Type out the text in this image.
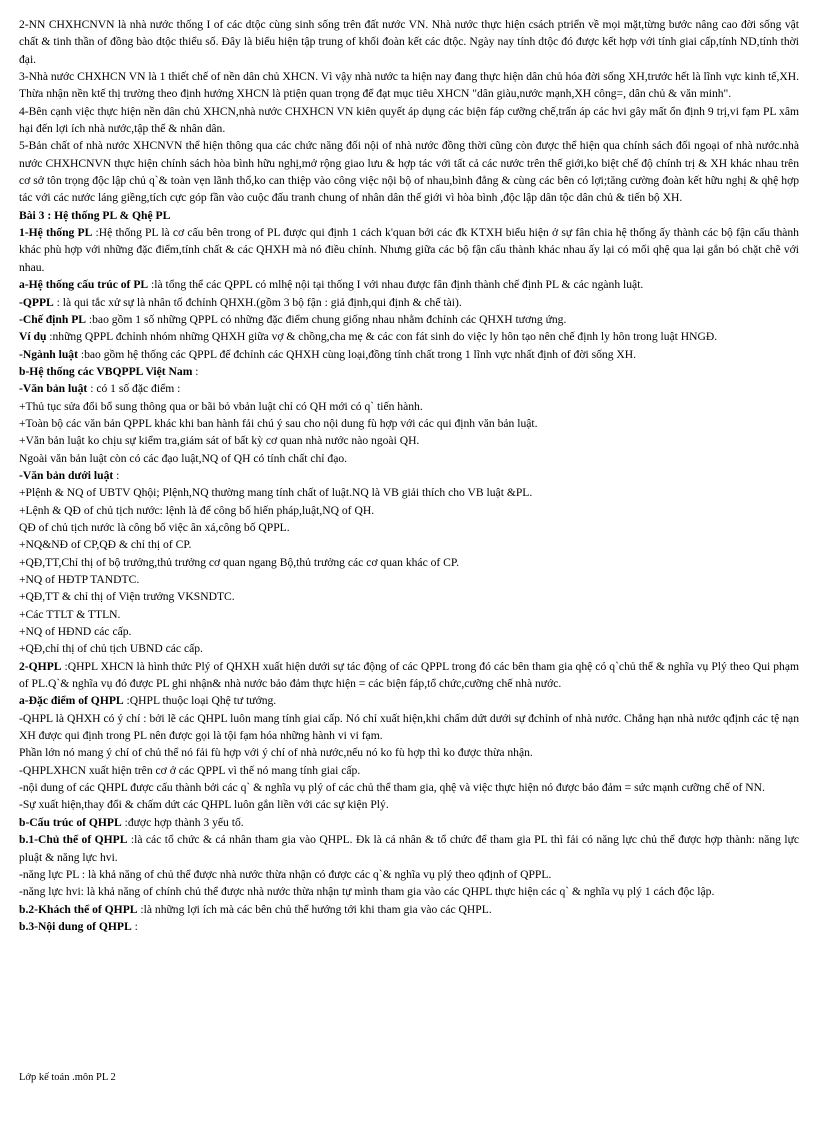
2-NN CHXHCNVN là nhà nước thống I of các dtộc cùng sinh sống trên đất nước VN. Nhà nước thực hiện csách ptriển về mọi mặt,từng bước nâng cao đời sống vật chất & tinh thần of đồng bào dtộc thiểu số. Đây là biểu hiện tập trung of khối đoàn kết các dtộc. Ngày nay tính dtộc đó được kết hợp với tính giai cấp,tính ND,tính thời đại.

3-Nhà nước CHXHCN VN là 1 thiết chế of nền dân chủ XHCN. Vì vậy nhà nước ta hiện nay đang thực hiện dân chủ hóa đời sống XH,trước hết là lĩnh vực kinh tế,XH. Thừa nhận nền ktế thị trường theo định hướng XHCN là ptiện quan trọng để đạt mục tiêu XHCN "dân giàu,nước mạnh,XH công=, dân chủ & văn minh".

4-Bên cạnh việc thực hiện nền dân chủ XHCN,nhà nước CHXHCN VN kiên quyết áp dụng các biện fáp cưỡng chế,trấn áp các hvi gây mất ổn định 9 trị,vi fạm PL xâm hại đến lợi ích nhà nước,tập thể & nhân dân.

5-Bản chất of nhà nước XHCNVN thể hiện thông qua các chức năng đối nội of nhà nước đồng thời cũng còn được thể hiện qua chính sách đối ngoại of nhà nước.nhà nước CHXHCNVN thực hiện chính sách hòa bình hữu nghị,mở rộng giao lưu & hợp tác với tất cả các nước trên thế giới,ko biệt chế độ chính trị & XH khác nhau trên cơ sở tôn trọng độc lập chủ q`& toàn vẹn lãnh thổ,ko can thiệp vào công việc nội bộ of nhau,bình đẳng & cùng các bên có lợi;tăng cường đoàn kết hữu nghị & qhệ hợp tác với các nước láng giềng,tích cực góp fần vào cuộc đấu tranh chung of nhân dân thế giới vì hòa bình ,độc lập dân tộc dân chủ & tiến bộ XH.

Bài 3 : Hệ thống PL & Qhệ PL

1-Hệ thống PL :Hệ thống PL là cơ cấu bên trong of PL được qui định 1 cách k'quan bởi các đk KTXH biểu hiện ở sự fân chia hệ thống ấy thành các bộ fận cấu thành khác phù hợp với những đặc điểm,tính chất & các QHXH mà nó điều chỉnh. Nhưng giữa các bộ fận cấu thành khác nhau ấy lại có mối qhệ qua lại gắn bó chặt chẽ với nhau.

a-Hệ thống cấu trúc of PL :là tổng thể các QPPL có mlhệ nội tại thống I với nhau được fân định thành chế định PL & các ngành luật.

-QPPL : là qui tắc xử sự là nhân tố đchỉnh QHXH.(gồm 3 bộ fận : giả định,qui định & chế tài).

-Chế định PL :bao gồm 1 số những QPPL có những đặc điểm chung giống nhau nhằm đchỉnh các QHXH tương ứng.

Ví dụ :những QPPL đchỉnh nhóm những QHXH giữa vợ & chồng,cha mẹ & các con fát sinh do việc ly hôn tạo nên chế định ly hôn trong luật HNGĐ.

-Ngành luật :bao gồm hệ thống các QPPL để đchỉnh các QHXH cùng loại,đồng tính chất trong 1 lĩnh vực nhất định of đời sống XH.

b-Hệ thống các VBQPPL Việt Nam :

-Văn bản luật : có 1 số đặc điểm :

+Thủ tục sửa đổi bổ sung thông qua or bãi bỏ vbản luật chỉ có QH mới có q` tiến hành.

+Toàn bộ các văn bản QPPL khác khi ban hành fải chú ý sau cho nội dung fù hợp với các qui định văn bản luật.

+Văn bản luật ko chịu sự kiểm tra,giám sát of bất kỳ cơ quan nhà nước nào ngoài QH.

Ngoài văn bản luật còn có các đạo luật,NQ of QH có tính chất chỉ đạo.

-Văn bản dưới luật :

+Plệnh & NQ of UBTV Qhội; Plệnh,NQ thường mang tính chất of luật.NQ là VB giải thích cho VB luật &PL.

+Lệnh & QĐ of chủ tịch nước: lệnh là để công bố hiến pháp,luật,NQ of QH.

QĐ of chủ tịch nước là công bố việc ân xá,công bố QPPL.

+NQ&NĐ of CP,QĐ & chỉ thị of CP.

+QĐ,TT,Chỉ thị of bộ trưởng,thủ trưởng cơ quan ngang Bộ,thủ trưởng các cơ quan khác of CP.

+NQ of HĐTP TANDTC.

+QĐ,TT & chỉ thị of Viện trưởng VKSNDTC.

+Các TTLT & TTLN.

+NQ of HĐND các cấp.

+QĐ,chỉ thị of chủ tịch UBND các cấp.

2-QHPL :QHPL XHCN là hình thức Plý of QHXH xuất hiện dưới sự tác động of các QPPL trong đó các bên tham gia qhệ có q`chủ thể & nghĩa vụ Plý theo Qui phạm of PL.Q`& nghĩa vụ đó được PL ghi nhận& nhà nước bảo đảm thực hiện = các biện fáp,tổ chức,cưỡng chế nhà nước.

a-Đặc điểm of QHPL :QHPL thuộc loại Qhệ tư tưởng.

-QHPL là QHXH có ý chí : bởi lẽ các QHPL luôn mang tính giai cấp. Nó chỉ xuất hiện,khi chấm dứt dưới sự đchỉnh of nhà nước. Chẳng hạn nhà nước qđịnh các tệ nạn XH được qui định trong PL nên được gọi là tội fạm hóa những hành vi vi fạm.

Phần lớn nó mang ý chí of chủ thể nó fải fù hợp với ý chí of nhà nước,nếu nó ko fù hợp thì ko được thừa nhận.

-QHPLXHCN xuất hiện trên cơ ở các QPPL vì thế nó mang tính giai cấp.

-nội dung of các QHPL được cấu thành bởi các q` & nghĩa vụ plý of các chủ thể tham gia, qhệ và việc thực hiện nó được bảo đảm = sức mạnh cưỡng chế of NN.

-Sự xuất hiện,thay đổi & chấm dứt các QHPL luôn gắn liền với các sự kiện Plý.

b-Cấu trúc of QHPL :được hợp thành 3 yếu tố.

b.1-Chủ thể of QHPL :là các tổ chức & cá nhân tham gia vào QHPL. Đk là cá nhân & tổ chức để tham gia PL thì fải có năng lực chủ thể được hợp thành: năng lực pluật & năng lực hvi.

-năng lực PL : là khả năng of chủ thể được nhà nước thừa nhận có được các q`& nghĩa vụ plý theo qđịnh of QPPL.

-năng lực hvi: là khả năng of chính chủ thể được nhà nước thừa nhận tự mình tham gia vào các QHPL thực hiện các q` & nghĩa vụ plý 1 cách độc lập.

b.2-Khách thể of QHPL :là những lợi ích mà các bên chủ thể hướng tới khi tham gia vào các QHPL.

b.3-Nội dung of QHPL :

Lớp kế toán .môn PL 2
